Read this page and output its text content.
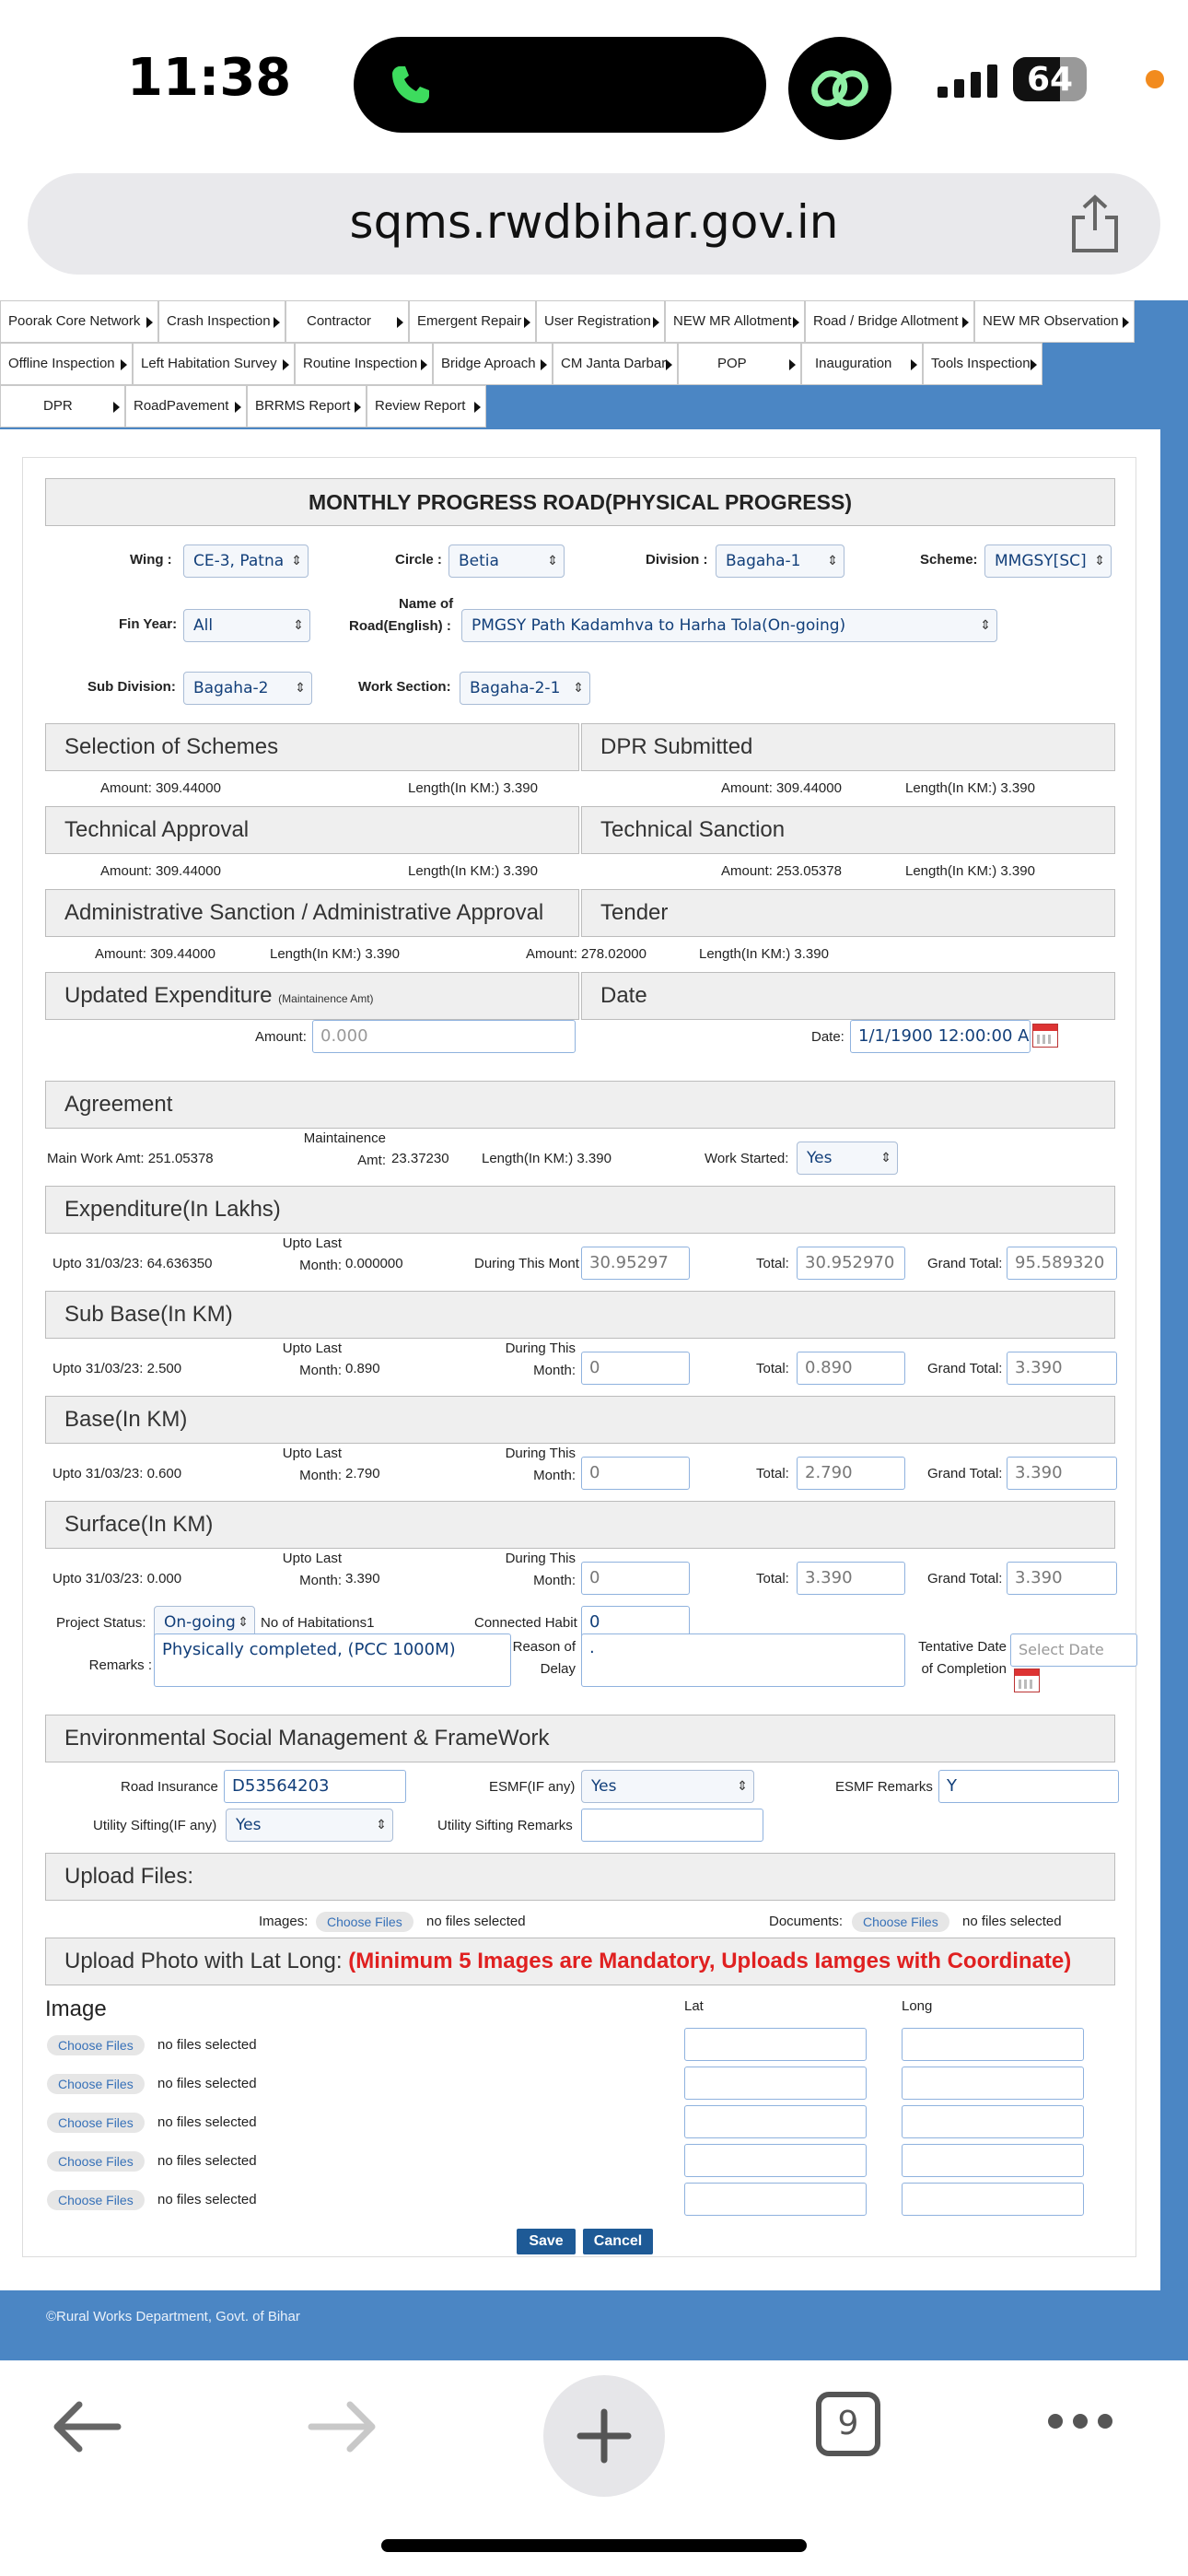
11:38	64
sqms.rwdbihar.gov.in
Poorak Core Network	Crash Inspection	Contractor	Emergent Repair	User Registration	NEW MR Allotment	Road / Bridge Allotment	NEW MR Observation
Offline Inspection	Left Habitation Survey	Routine Inspection	Bridge Aproach	CM Janta Darbar	POP	Inauguration	Tools Inspection
DPR	RoadPavement	BRRMS Report	Review Report
MONTHLY PROGRESS ROAD(PHYSICAL PROGRESS)
Wing :	CE-3, Patna ⇕	Circle :	Betia	⇕	Division :	Bagaha-1 ⇕	Scheme:	MMGSY[SC] ⇕
Fin Year:	All	⇕
Name of
Road(English) :	PMGSY Path Kadamhva to Harha Tola(On-going)	⇕
Sub Division:	Bagaha-2 ⇕	Work Section:	Bagaha-2-1 ⇕
Selection of Schemes	DPR Submitted
Amount: 309.44000	Length(In KM:) 3.390	Amount: 309.44000	Length(In KM:) 3.390
Technical Approval	Technical Sanction
Amount: 309.44000	Length(In KM:) 3.390	Amount: 253.05378	Length(In KM:) 3.390
Administrative Sanction / Administrative Approval	Tender
Amount: 309.44000	Length(In KM:) 3.390	Amount: 278.02000	Length(In KM:) 3.390
Updated Expenditure (Maintainence Amt)	Date
Amount: 0.000	Date: 1/1/1900 12:00:00 A
Agreement
Main Work Amt: 251.05378
Maintainence
Amt: 23.37230 Length(In KM:) 3.390	Work Started:	Yes	⇕
Expenditure(In Lakhs)
Upto 31/03/23: 64.636350
Upto Last
Month: 0.000000	During This Mont 30.95297	Total: 30.952970	Grand Total: 95.589320
Sub Base(In KM)
Upto 31/03/23: 2.500
Upto Last
Month: 0.890
During This
Month: 0	Total: 0.890	Grand Total: 3.390
Base(In KM)
Upto 31/03/23: 0.600
Upto Last
Month: 2.790
During This
Month: 0	Total: 2.790	Grand Total: 3.390
Surface(In KM)
Upto 31/03/23: 0.000
Upto Last
Month: 3.390
During This
Month: 0	Total: 3.390	Grand Total: 3.390
Project Status:	On-going ⇕ No of Habitations1	Connected Habit 0
Remarks :
Physically completed, (PCC 1000M)	Reason of
Delay
.	Tentative Date
of Completion
Select Date
Environmental Social Management & FrameWork
Road Insurance D53564203	ESMF(IF any)	Yes	⇕	ESMF Remarks Y
Utility Sifting(IF any)	Yes	⇕	Utility Sifting Remarks
Upload Files:
Images:	Choose Files	no files selected	Documents:	Choose Files	no files selected
Upload Photo with Lat Long: (Minimum 5 Images are Mandatory, Uploads Iamges with Coordinate)
Image	Lat	Long
Choose Files	no files selected
Choose Files	no files selected
Choose Files	no files selected
Choose Files	no files selected
Choose Files	no files selected
Save	Cancel
©Rural Works Department, Govt. of Bihar
9
